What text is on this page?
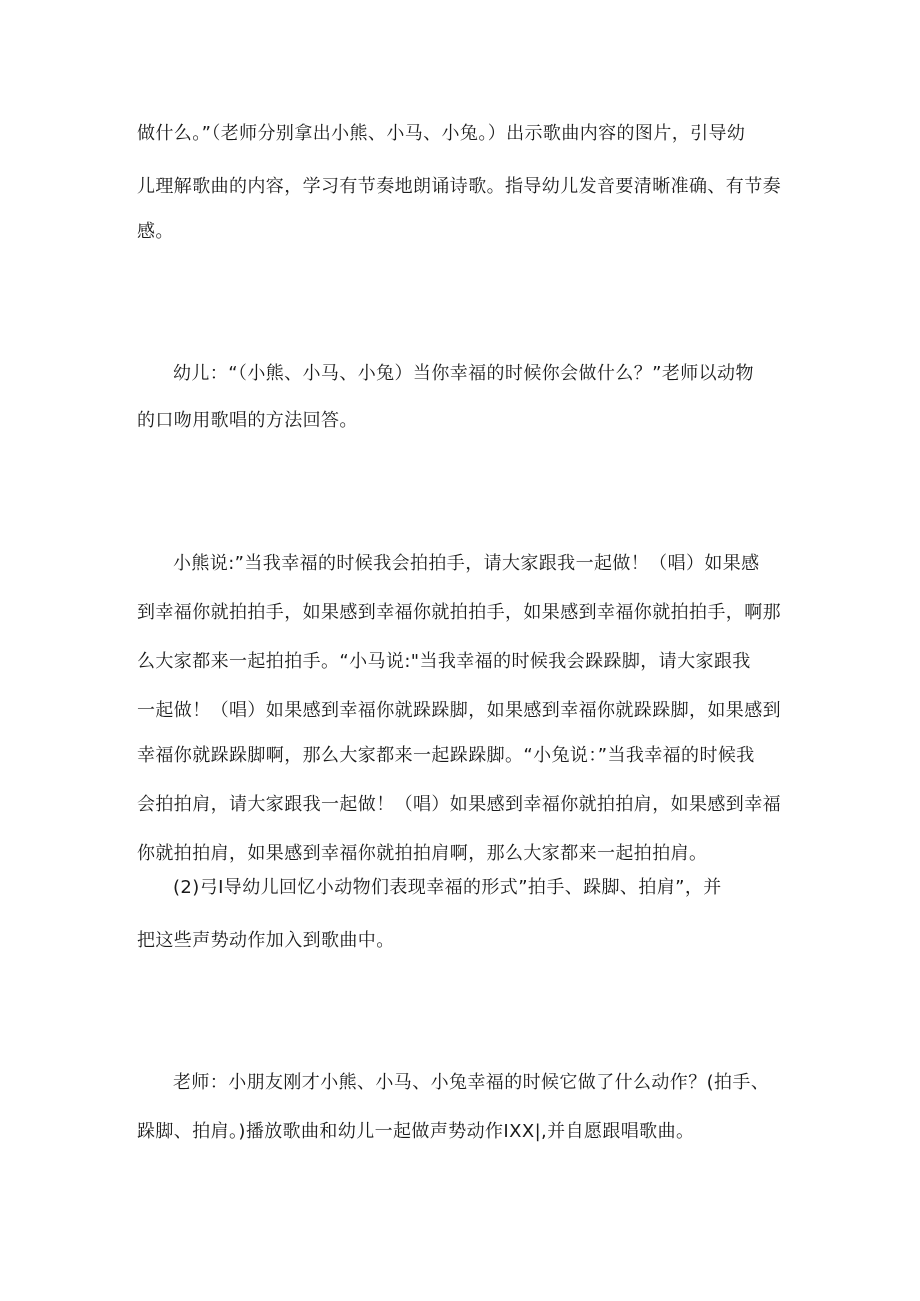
做什么。”（老师分别拿出小熊、小马、小兔。）出示歌曲内容的图片，引导幼
儿理解歌曲的内容，学习有节奏地朗诵诗歌。指导幼儿发音要清晰准确、有节奏
感。
幼儿：“（小熊、小马、小兔）当你幸福的时候你会做什么？”老师以动物
的口吻用歌唱的方法回答。
小熊说:”当我幸福的时候我会拍拍手，请大家跟我一起做！（唱）如果感
到幸福你就拍拍手，如果感到幸福你就拍拍手，如果感到幸福你就拍拍手，啊那
么大家都来一起拍拍手。“小马说:"当我幸福的时候我会跺跺脚，请大家跟我
一起做！（唱）如果感到幸福你就跺跺脚，如果感到幸福你就跺跺脚，如果感到
幸福你就跺跺脚啊，那么大家都来一起跺跺脚。“小兔说：”当我幸福的时候我
会拍拍肩，请大家跟我一起做！（唱）如果感到幸福你就拍拍肩，如果感到幸福
你就拍拍肩，如果感到幸福你就拍拍肩啊，那么大家都来一起拍拍肩。
(2)弓I导幼儿回忆小动物们表现幸福的形式”拍手、跺脚、拍肩”，并
把这些声势动作加入到歌曲中。
老师：小朋友刚才小熊、小马、小兔幸福的时候它做了什么动作？(拍手、
跺脚、拍肩。)播放歌曲和幼儿一起做声势动作IXX|,并自愿跟唱歌曲。
